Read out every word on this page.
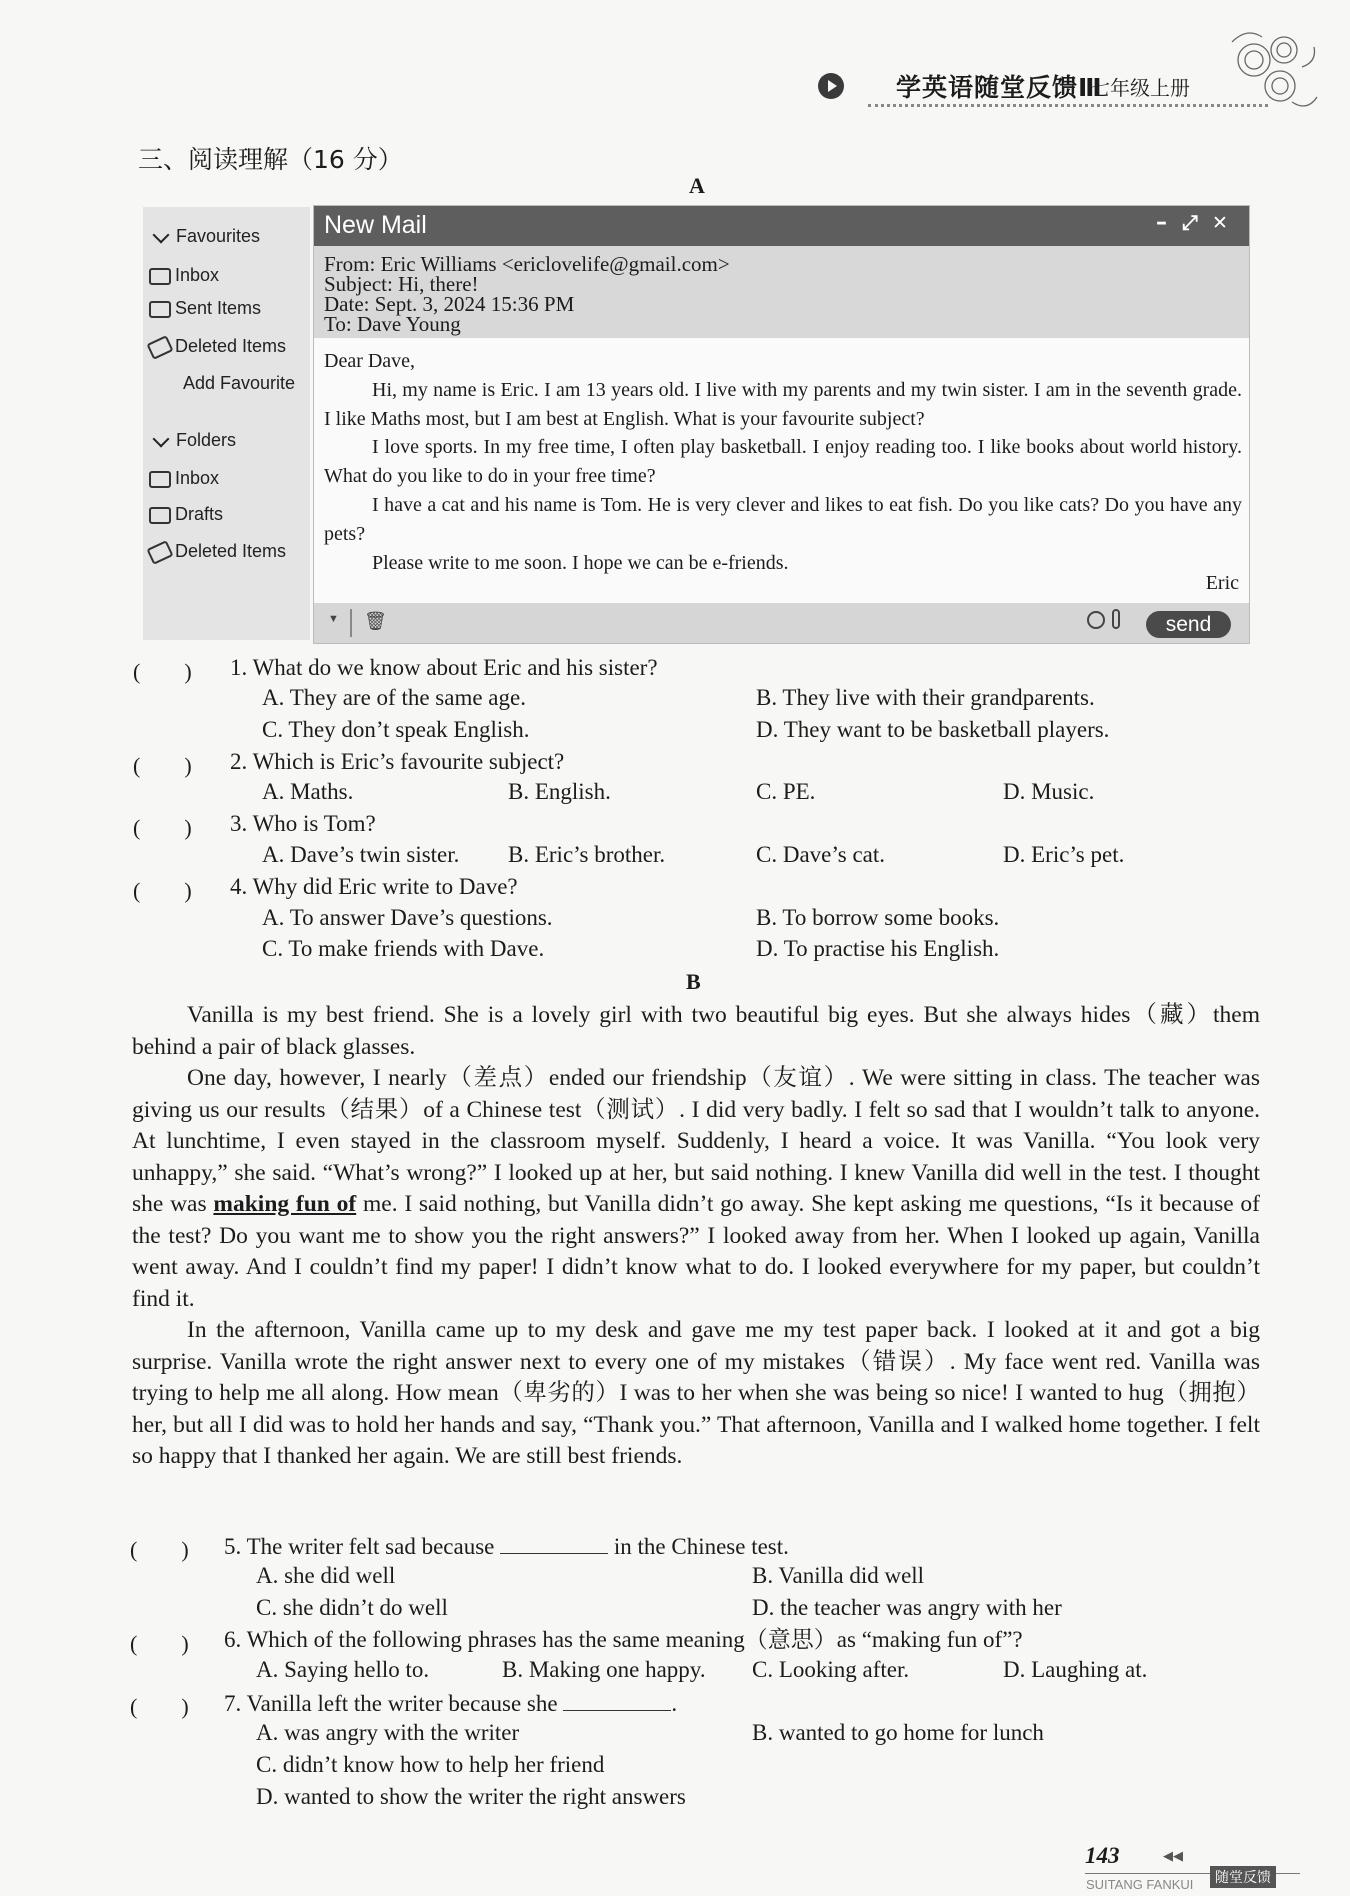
学英语随堂反馈Ⅲ
七年级上册
三、阅读理解（16 分）
A
Favourites
Inbox
Sent Items
Deleted Items
Add Favourite
Folders
Inbox
Drafts
Deleted Items
New Mail	– ⤢ ✕
From: Eric Williams <ericlovelife@gmail.com>
Subject: Hi, there!
Date: Sept. 3, 2024 15:36 PM
To: Dave Young

Dear Dave,

Hi, my name is Eric. I am 13 years old. I live with my parents and my twin sister. I am in the seventh grade. I like Maths most, but I am best at English. What is your favourite subject?

I love sports. In my free time, I often play basketball. I enjoy reading too. I like books about world history. What do you like to do in your free time?

I have a cat and his name is Tom. He is very clever and likes to eat fish. Do you like cats? Do you have any pets?

Please write to me soon. I hope we can be e-friends.

Eric
▼ 🗑	send
(　　) 1. What do we know about Eric and his sister?
A. They are of the same age.	B. They live with their grandparents.
C. They don’t speak English.	D. They want to be basketball players.
(　　) 2. Which is Eric’s favourite subject?
A. Maths.	B. English.	C. PE.	D. Music.
(　　) 3. Who is Tom?
A. Dave’s twin sister. B. Eric’s brother.	C. Dave’s cat.	D. Eric’s pet.
(　　) 4. Why did Eric write to Dave?
A. To answer Dave’s questions.	B. To borrow some books.
C. To make friends with Dave.	D. To practise his English.
B

Vanilla is my best friend. She is a lovely girl with two beautiful big eyes. But she always hides（藏）them behind a pair of black glasses.

One day, however, I nearly（差点）ended our friendship（友谊）. We were sitting in class. The teacher was giving us our results（结果）of a Chinese test（测试）. I did very badly. I felt so sad that I wouldn’t talk to anyone. At lunchtime, I even stayed in the classroom myself. Suddenly, I heard a voice. It was Vanilla. “You look very unhappy,” she said. “What’s wrong?” I looked up at her, but said nothing. I knew Vanilla did well in the test. I thought she was making fun of me. I said nothing, but Vanilla didn’t go away. She kept asking me questions, “Is it because of the test? Do you want me to show you the right answers?” I looked away from her. When I looked up again, Vanilla went away. And I couldn’t find my paper! I didn’t know what to do. I looked everywhere for my paper, but couldn’t find it.

In the afternoon, Vanilla came up to my desk and gave me my test paper back. I looked at it and got a big surprise. Vanilla wrote the right answer next to every one of my mistakes（错误）. My face went red. Vanilla was trying to help me all along. How mean（卑劣的）I was to her when she was being so nice! I wanted to hug（拥抱）her, but all I did was to hold her hands and say, “Thank you.” That afternoon, Vanilla and I walked home together. I felt so happy that I thanked her again. We are still best friends.

(　　) 5. The writer felt sad because	in the Chinese test.
A. she did well	B. Vanilla did well
C. she didn’t do well	D. the teacher was angry with her
(　　) 6. Which of the following phrases has the same meaning（意思）as “making fun of”?
A. Saying hello to.	B. Making one happy. C. Looking after.	D. Laughing at.
(　　) 7. Vanilla left the writer because she	.
A. was angry with the writer	B. wanted to go home for lunch
C. didn’t know how to help her friend
D. wanted to show the writer the right answers
143	◀◀
SUITANG FANKUI	随堂反馈
